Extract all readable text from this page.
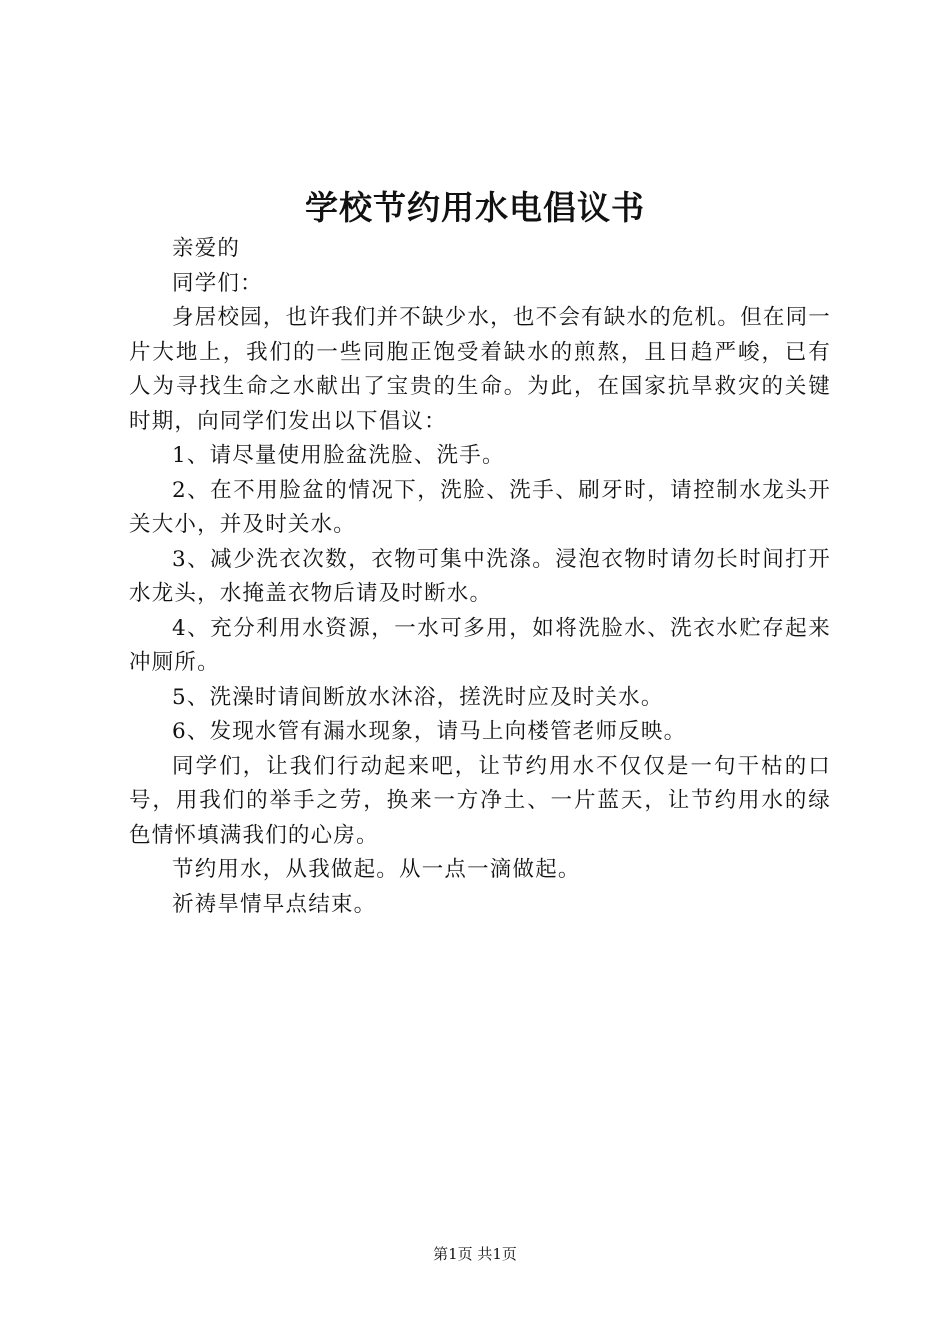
学校节约用水电倡议书

亲爱的

同学们：

身居校园，也许我们并不缺少水，也不会有缺水的危机。但在同一片大地上，我们的一些同胞正饱受着缺水的煎熬，且日趋严峻，已有人为寻找生命之水献出了宝贵的生命。为此，在国家抗旱救灾的关键时期，向同学们发出以下倡议：

1、请尽量使用脸盆洗脸、洗手。

2、在不用脸盆的情况下，洗脸、洗手、刷牙时，请控制水龙头开关大小，并及时关水。

3、减少洗衣次数，衣物可集中洗涤。浸泡衣物时请勿长时间打开水龙头，水掩盖衣物后请及时断水。

4、充分利用水资源，一水可多用，如将洗脸水、洗衣水贮存起来冲厕所。

5、洗澡时请间断放水沐浴，搓洗时应及时关水。

6、发现水管有漏水现象，请马上向楼管老师反映。

同学们，让我们行动起来吧，让节约用水不仅仅是一句干枯的口号，用我们的举手之劳，换来一方净土、一片蓝天，让节约用水的绿色情怀填满我们的心房。

节约用水，从我做起。从一点一滴做起。

祈祷旱情早点结束。

第1页 共1页
